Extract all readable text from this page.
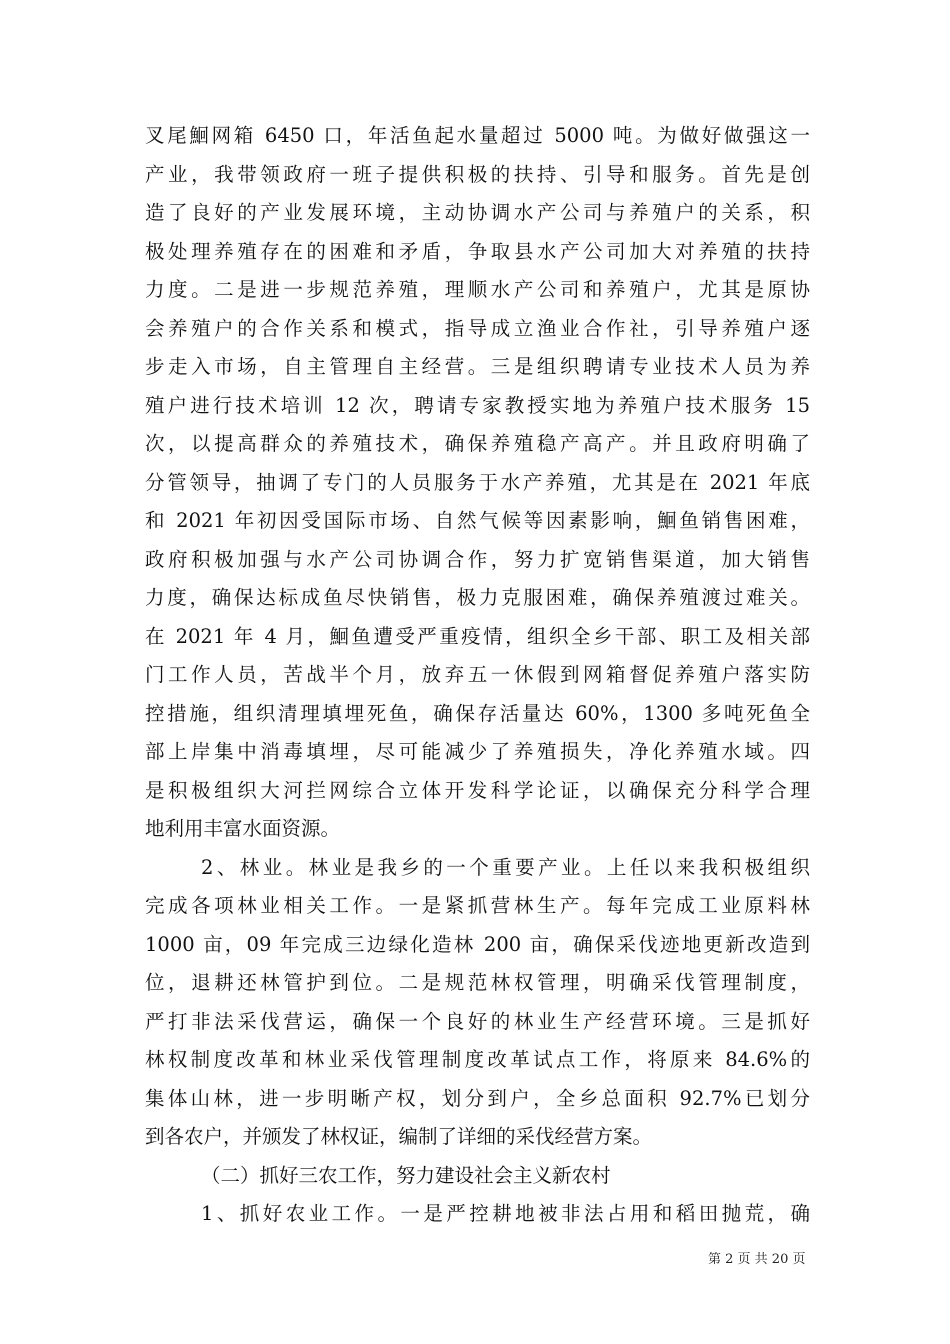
叉尾鮰网箱 6450 口，年活鱼起水量超过 5000 吨。为做好做强这一
产业，我带领政府一班子提供积极的扶持、引导和服务。首先是创
造了良好的产业发展环境，主动协调水产公司与养殖户的关系，积
极处理养殖存在的困难和矛盾，争取县水产公司加大对养殖的扶持
力度。二是进一步规范养殖，理顺水产公司和养殖户，尤其是原协
会养殖户的合作关系和模式，指导成立渔业合作社，引导养殖户逐
步走入市场，自主管理自主经营。三是组织聘请专业技术人员为养
殖户进行技术培训 12 次，聘请专家教授实地为养殖户技术服务 15
次，以提高群众的养殖技术，确保养殖稳产高产。并且政府明确了
分管领导，抽调了专门的人员服务于水产养殖，尤其是在 2021 年底
和 2021 年初因受国际市场、自然气候等因素影响，鮰鱼销售困难，
政府积极加强与水产公司协调合作，努力扩宽销售渠道，加大销售
力度，确保达标成鱼尽快销售，极力克服困难，确保养殖渡过难关。
在 2021 年 4 月，鮰鱼遭受严重疫情，组织全乡干部、职工及相关部
门工作人员，苦战半个月，放弃五一休假到网箱督促养殖户落实防
控措施，组织清理填埋死鱼，确保存活量达 60%，1300 多吨死鱼全
部上岸集中消毒填埋，尽可能减少了养殖损失，净化养殖水域。四
是积极组织大河拦网综合立体开发科学论证，以确保充分科学合理
地利用丰富水面资源。
2、林业。林业是我乡的一个重要产业。上任以来我积极组织
完成各项林业相关工作。一是紧抓营林生产。每年完成工业原料林
1000 亩，09 年完成三边绿化造林 200 亩，确保采伐迹地更新改造到
位，退耕还林管护到位。二是规范林权管理，明确采伐管理制度，
严打非法采伐营运，确保一个良好的林业生产经营环境。三是抓好
林权制度改革和林业采伐管理制度改革试点工作，将原来 84.6%的
集体山林，进一步明晰产权，划分到户，全乡总面积 92.7%已划分
到各农户，并颁发了林权证，编制了详细的采伐经营方案。
（二）抓好三农工作，努力建设社会主义新农村
1、抓好农业工作。一是严控耕地被非法占用和稻田抛荒，确
第 2 页 共 20 页
